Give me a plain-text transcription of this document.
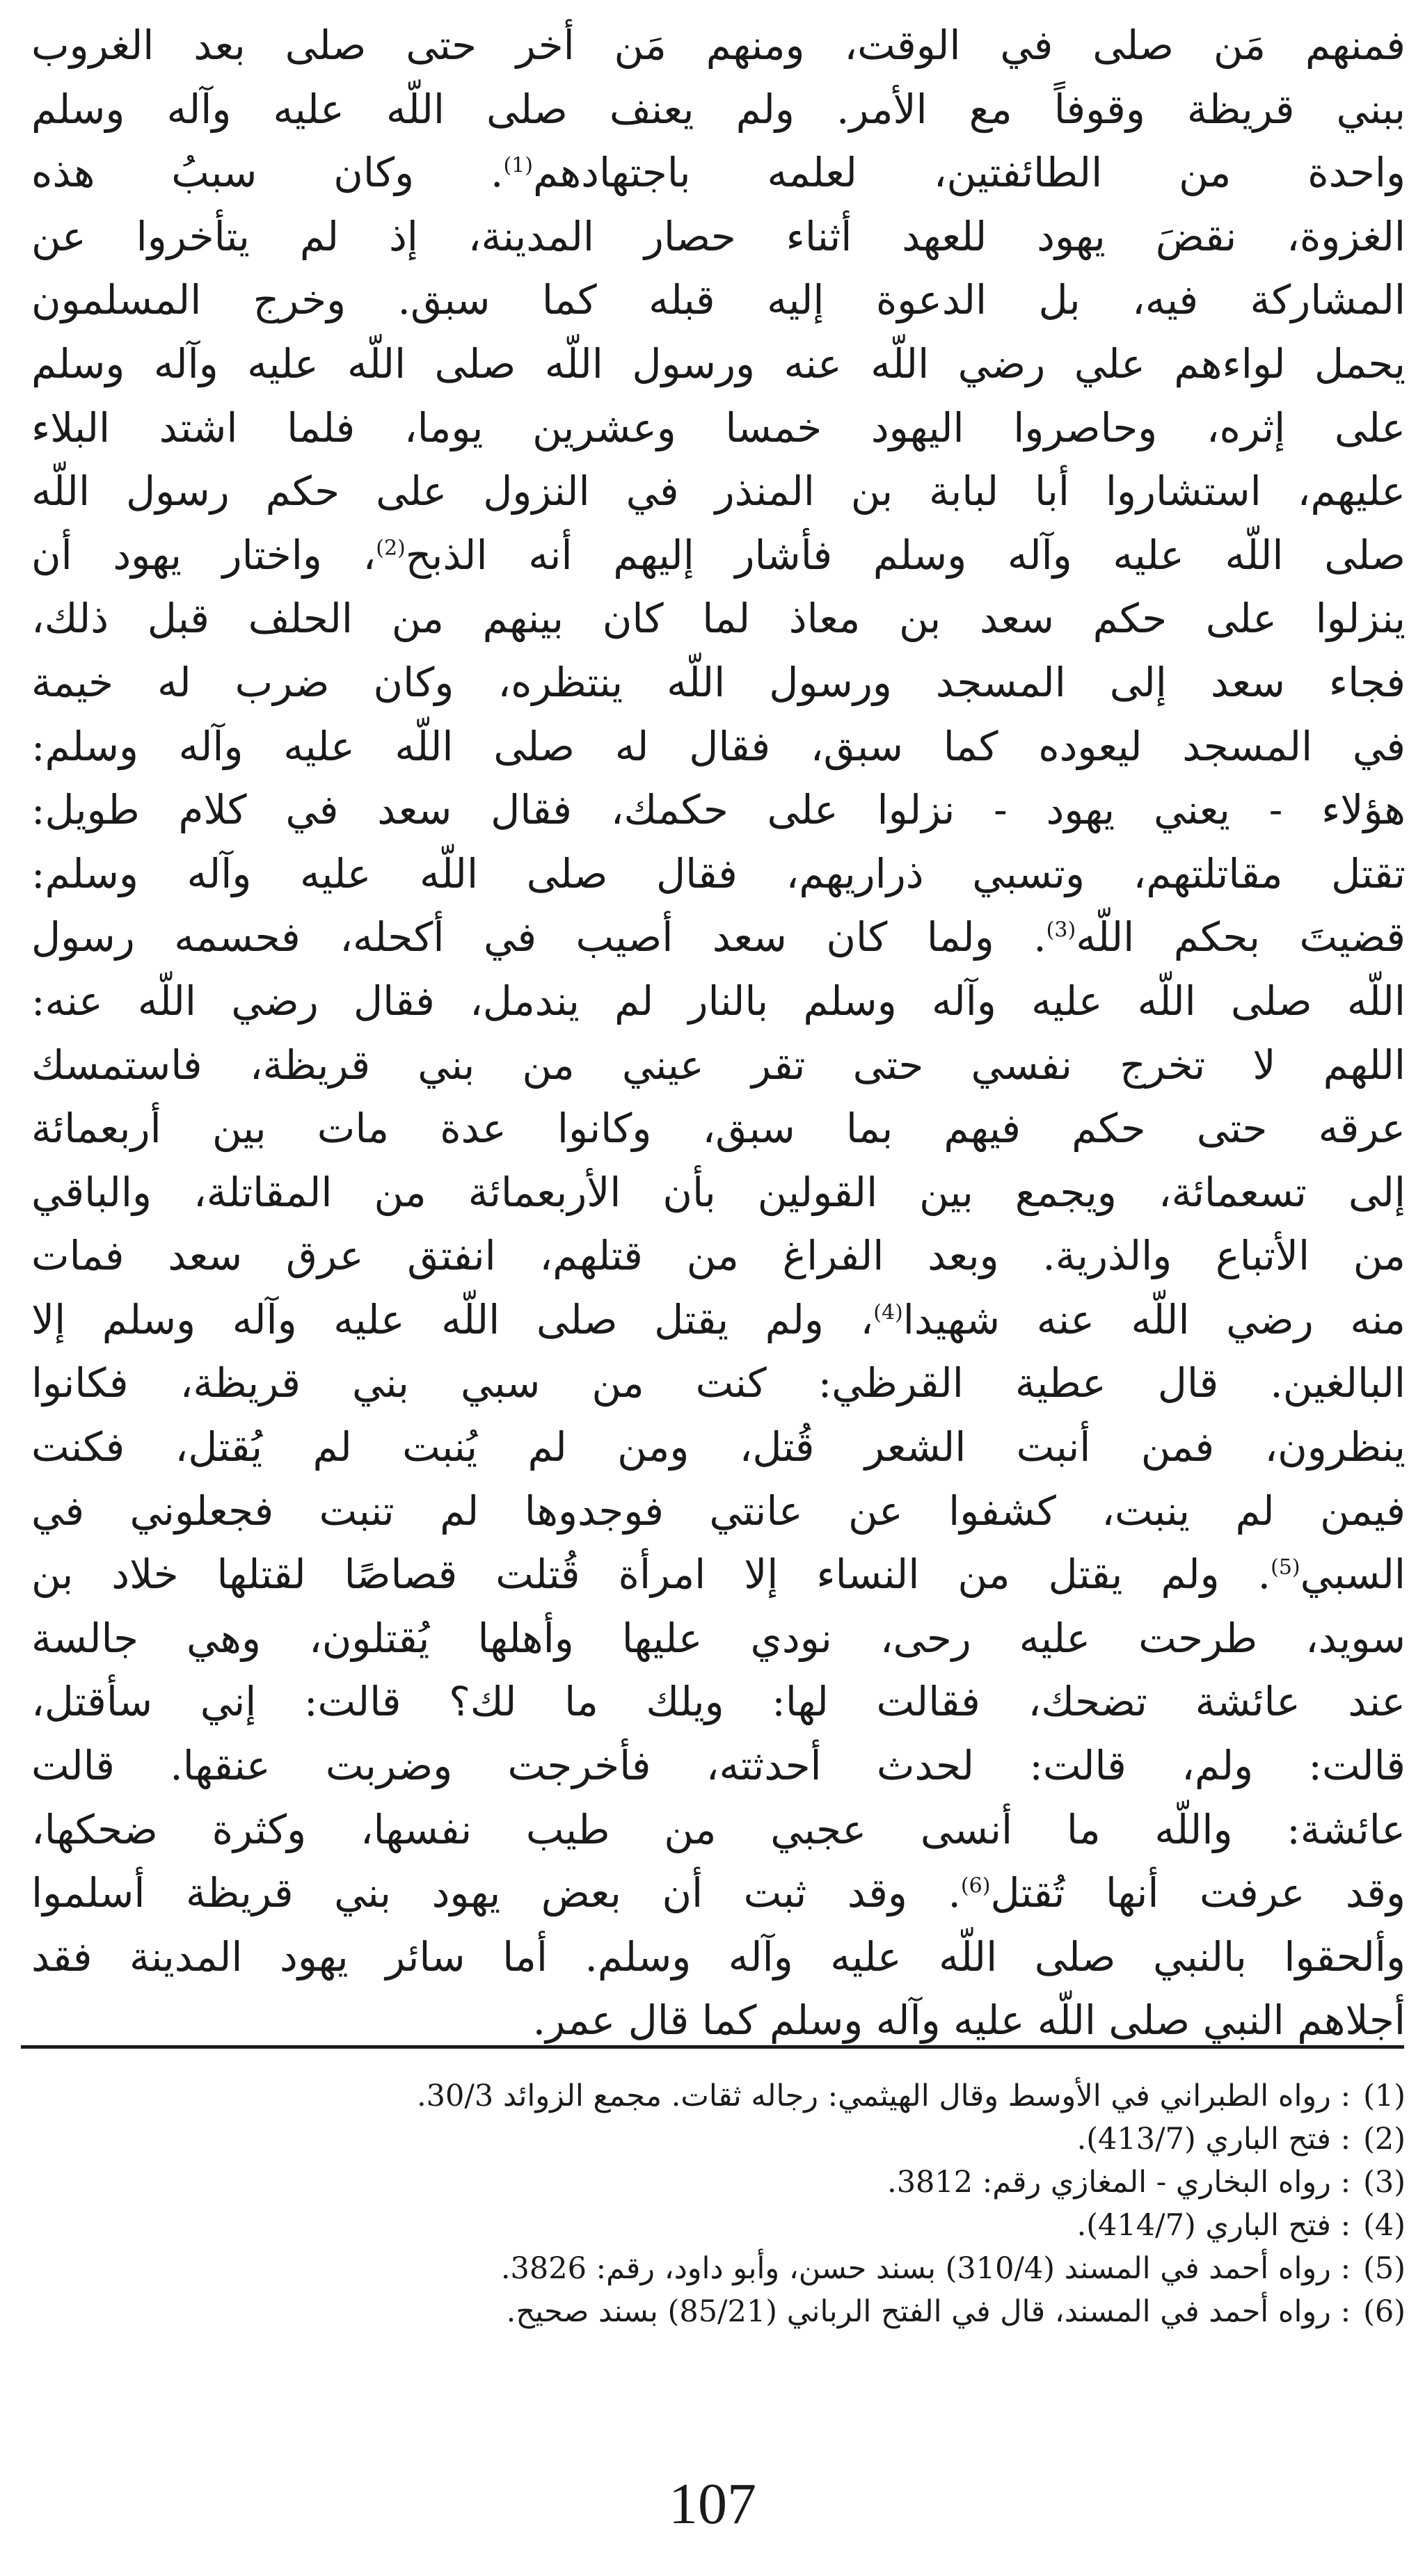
فمنهم مَن صلى في الوقت، ومنهم مَن أخر حتى صلى بعد الغروب
ببني قريظة وقوفاً مع الأمر. ولم يعنف صلى اللّه عليه وآله وسلم
واحدة من الطائفتين، لعلمه باجتهادهم$^{(1)}$. وكان سببُ هذه
الغزوة، نقضَ يهود للعهد أثناء حصار المدينة، إذ لم يتأخروا عن
المشاركة فيه، بل الدعوة إليه قبله كما سبق. وخرج المسلمون
يحمل لواءهم علي رضي اللّه عنه ورسول اللّه صلى اللّه عليه وآله وسلم
على إثره، وحاصروا اليهود خمسا وعشرين يوما، فلما اشتد البلاء
عليهم، استشاروا أبا لبابة بن المنذر في النزول على حكم رسول اللّه
صلى اللّه عليه وآله وسلم فأشار إليهم أنه الذبح$^{(2)}$، واختار يهود أن
ينزلوا على حكم سعد بن معاذ لما كان بينهم من الحلف قبل ذلك،
فجاء سعد إلى المسجد ورسول اللّه ينتظره، وكان ضرب له خيمة
في المسجد ليعوده كما سبق، فقال له صلى اللّه عليه وآله وسلم:
هؤلاء - يعني يهود - نزلوا على حكمك، فقال سعد في كلام طويل:
تقتل مقاتلتهم، وتسبي ذراريهم، فقال صلى اللّه عليه وآله وسلم:
قضيتَ بحكم اللّه$^{(3)}$. ولما كان سعد أصيب في أكحله، فحسمه رسول
اللّه صلى اللّه عليه وآله وسلم بالنار لم يندمل، فقال رضي اللّه عنه:
اللهم لا تخرج نفسي حتى تقر عيني من بني قريظة، فاستمسك
عرقه حتى حكم فيهم بما سبق، وكانوا عدة مات بين أربعمائة
إلى تسعمائة، ويجمع بين القولين بأن الأربعمائة من المقاتلة، والباقي
من الأتباع والذرية. وبعد الفراغ من قتلهم، انفتق عرق سعد فمات
منه رضي اللّه عنه شهيدا$^{(4)}$، ولم يقتل صلى اللّه عليه وآله وسلم إلا
البالغين. قال عطية القرظي: كنت من سبي بني قريظة، فكانوا
ينظرون، فمن أنبت الشعر قُتل، ومن لم يُنبت لم يُقتل، فكنت
فيمن لم ينبت، كشفوا عن عانتي فوجدوها لم تنبت فجعلوني في
السبي$^{(5)}$. ولم يقتل من النساء إلا امرأة قُتلت قصاصًا لقتلها خلاد بن
سويد، طرحت عليه رحى، نودي عليها وأهلها يُقتلون، وهي جالسة
عند عائشة تضحك، فقالت لها: ويلك ما لك؟ قالت: إني سأقتل،
قالت: ولم، قالت: لحدث أحدثته، فأخرجت وضربت عنقها. قالت
عائشة: واللّه ما أنسى عجبي من طيب نفسها، وكثرة ضحكها،
وقد عرفت أنها تُقتل$^{(6)}$. وقد ثبت أن بعض يهود بني قريظة أسلموا
وألحقوا بالنبي صلى اللّه عليه وآله وسلم. أما سائر يهود المدينة فقد
أجلاهم النبي صلى اللّه عليه وآله وسلم كما قال عمر.
(1): رواه الطبراني في الأوسط وقال الهيثمي: رجاله ثقات. مجمع الزوائد 30/3.
(2): فتح الباري (413/7).
(3): رواه البخاري - المغازي رقم: 3812.
(4): فتح الباري (414/7).
(5): رواه أحمد في المسند (310/4) بسند حسن، وأبو داود، رقم: 3826.
(6): رواه أحمد في المسند، قال في الفتح الرباني (85/21) بسند صحيح.
107
